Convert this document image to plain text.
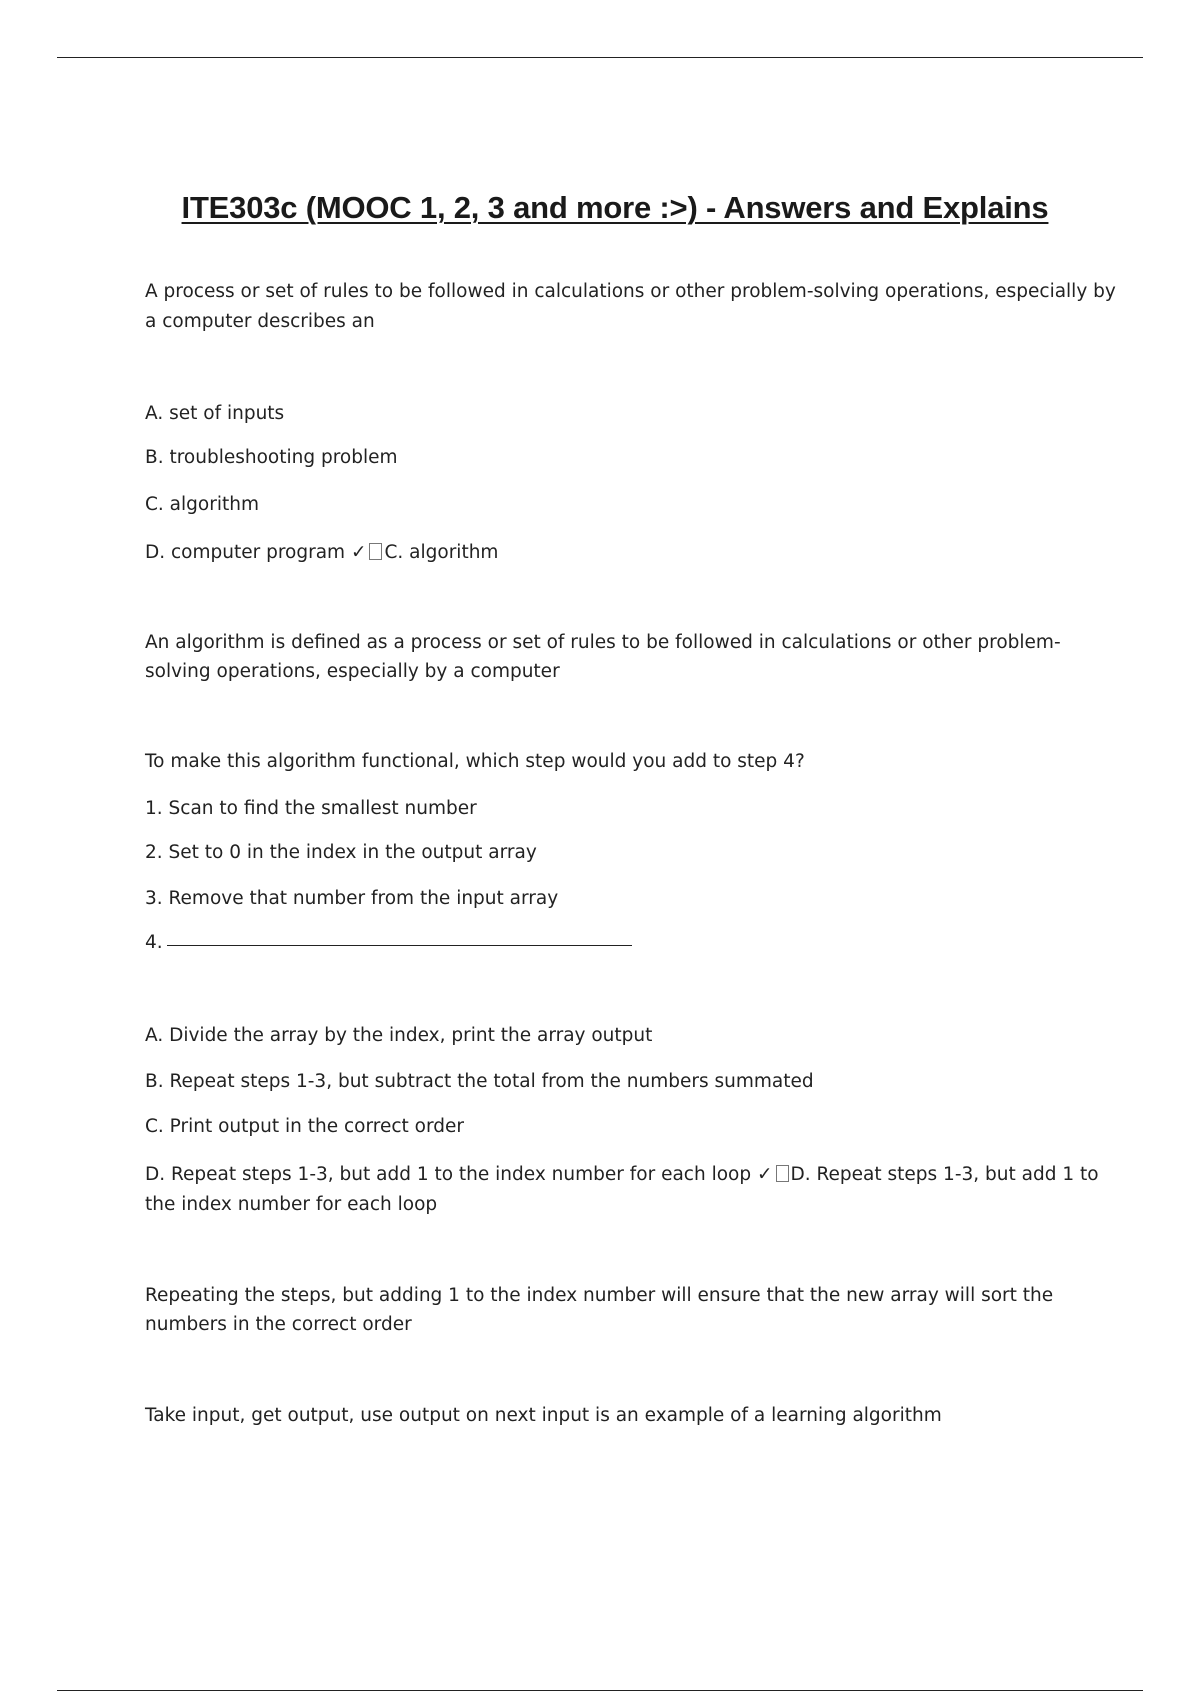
ITE303c (MOOC 1, 2, 3 and more :>) - Answers and Explains
A process or set of rules to be followed in calculations or other problem-solving operations, especially by
a computer describes an
A. set of inputs
B. troubleshooting problem
C. algorithm
D. computer program ✓ C. algorithm
An algorithm is defined as a process or set of rules to be followed in calculations or other problem-
solving operations, especially by a computer
To make this algorithm functional, which step would you add to step 4?
1. Scan to find the smallest number
2. Set to 0 in the index in the output array
3. Remove that number from the input array
4.
A. Divide the array by the index, print the array output
B. Repeat steps 1-3, but subtract the total from the numbers summated
C. Print output in the correct order
D. Repeat steps 1-3, but add 1 to the index number for each loop ✓ D. Repeat steps 1-3, but add 1 to
the index number for each loop
Repeating the steps, but adding 1 to the index number will ensure that the new array will sort the
numbers in the correct order
Take input, get output, use output on next input is an example of a learning algorithm
